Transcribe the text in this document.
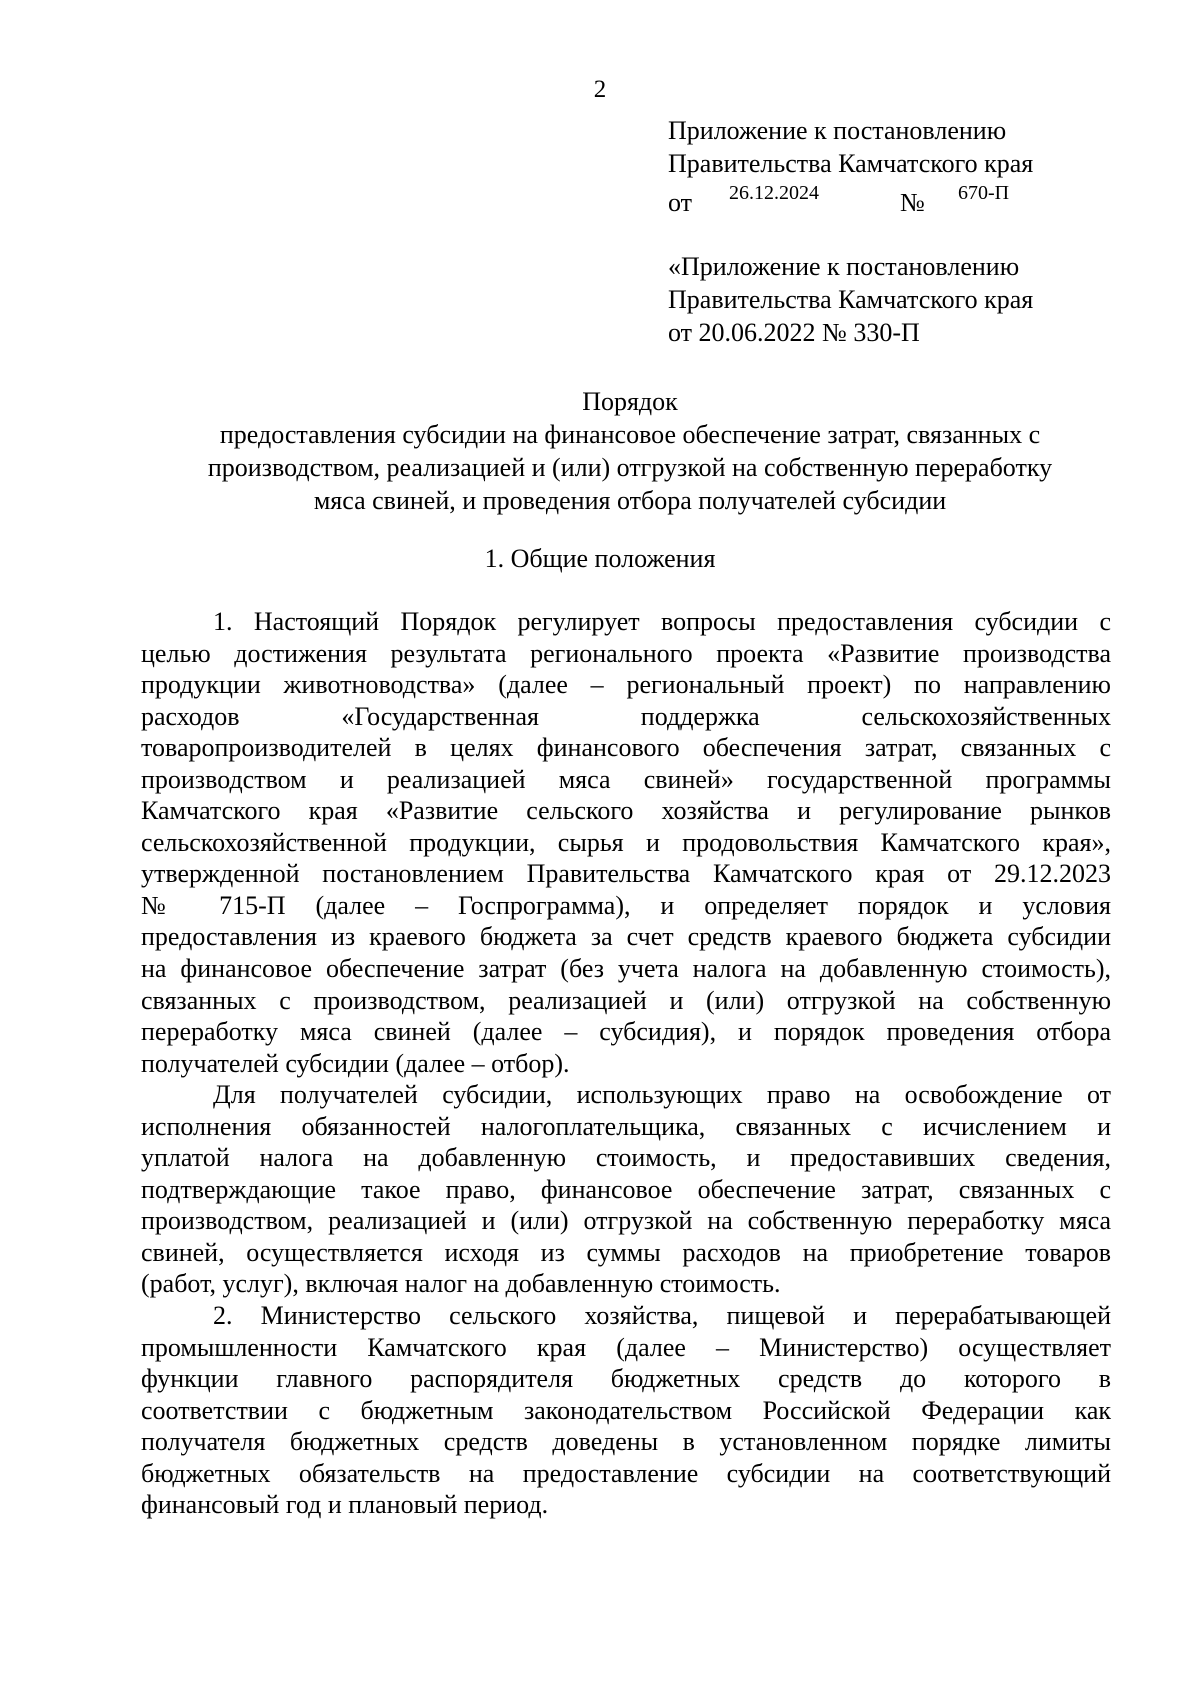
2
Приложение к постановлению
Правительства Камчатского края
от 26.12.2024	№ 670-П
«Приложение к постановлению
Правительства Камчатского края
от 20.06.2022 № 330-П
Порядок
предоставления субсидии на финансовое обеспечение затрат, связанных с
производством, реализацией и (или) отгрузкой на собственную переработку
мяса свиней, и проведения отбора получателей субсидии
1. Общие положения
1. Настоящий Порядок регулирует вопросы предоставления субсидии с
целью достижения результата регионального проекта «Развитие производства
продукции животноводства» (далее – региональный проект) по направлению
расходов «Государственная поддержка сельскохозяйственных
товаропроизводителей в целях финансового обеспечения затрат, связанных с
производством и реализацией мяса свиней» государственной программы
Камчатского края «Развитие сельского хозяйства и регулирование рынков
сельскохозяйственной продукции, сырья и продовольствия Камчатского края»,
утвержденной постановлением Правительства Камчатского края от 29.12.2023
№ 715-П (далее – Госпрограмма), и определяет порядок и условия
предоставления из краевого бюджета за счет средств краевого бюджета субсидии
на финансовое обеспечение затрат (без учета налога на добавленную стоимость),
связанных с производством, реализацией и (или) отгрузкой на собственную
переработку мяса свиней (далее – субсидия), и порядок проведения отбора
получателей субсидии (далее – отбор).
Для получателей субсидии, использующих право на освобождение от
исполнения обязанностей налогоплательщика, связанных с исчислением и
уплатой налога на добавленную стоимость, и предоставивших сведения,
подтверждающие такое право, финансовое обеспечение затрат, связанных с
производством, реализацией и (или) отгрузкой на собственную переработку мяса
свиней, осуществляется исходя из суммы расходов на приобретение товаров
(работ, услуг), включая налог на добавленную стоимость.
2. Министерство сельского хозяйства, пищевой и перерабатывающей
промышленности Камчатского края (далее – Министерство) осуществляет
функции главного распорядителя бюджетных средств до которого в
соответствии с бюджетным законодательством Российской Федерации как
получателя бюджетных средств доведены в установленном порядке лимиты
бюджетных обязательств на предоставление субсидии на соответствующий
финансовый год и плановый период.
